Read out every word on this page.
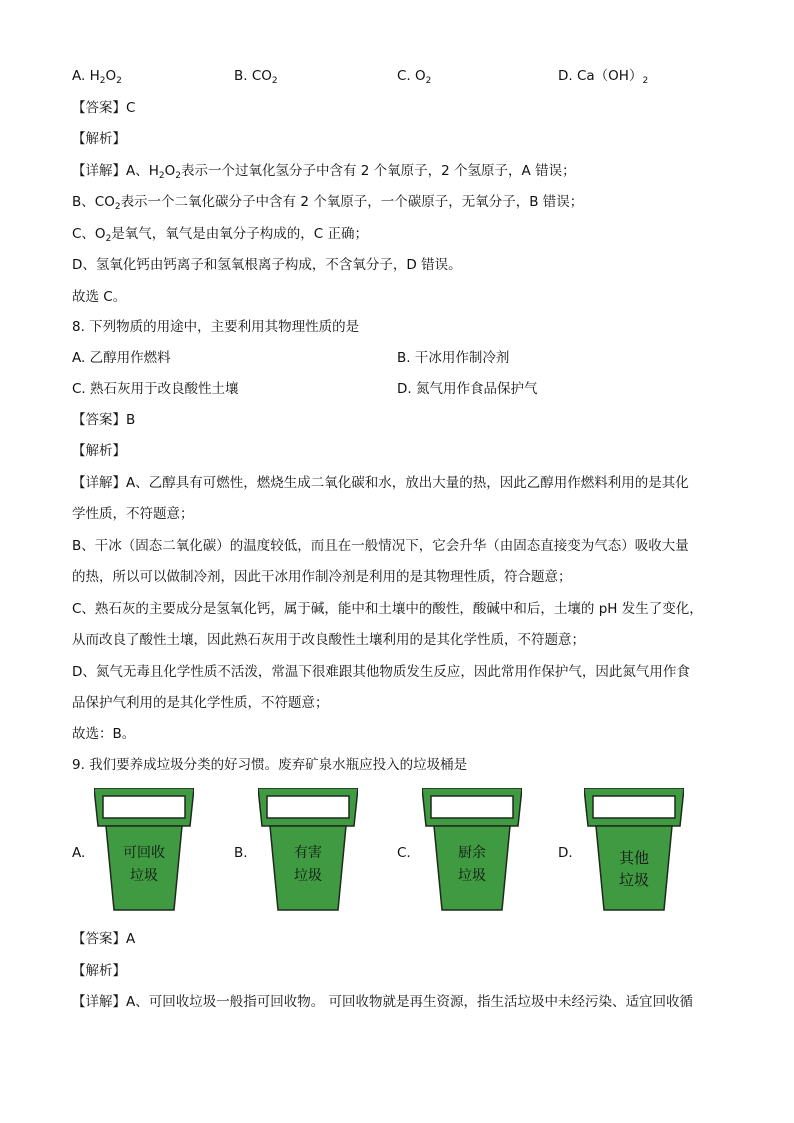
A. $H_2O_2$	B. $CO_2$	C. $O_2$	D. $Ca(OH)_2$
【答案】C
【解析】
【详解】A、$H_2O_2$表示一个过氧化氢分子中含有 2 个氧原子，2 个氢原子，A 错误；
B、$CO_2$表示一个二氧化碳分子中含有 2 个氧原子，一个碳原子，无氧分子，B 错误；
C、$O_2$是氧气，氧气是由氧分子构成的，C 正确；
D、氢氧化钙由钙离子和氢氧根离子构成，不含氧分子，D 错误。
故选 C。
8. 下列物质的用途中，主要利用其物理性质的是
A. 乙醇用作燃料	B. 干冰用作制冷剂
C. 熟石灰用于改良酸性土壤	D. 氮气用作食品保护气
【答案】B
【解析】
【详解】A、乙醇具有可燃性，燃烧生成二氧化碳和水，放出大量的热，因此乙醇用作燃料利用的是其化
学性质，不符题意；
B、干冰（固态二氧化碳）的温度较低，而且在一般情况下，它会升华（由固态直接变为气态）吸收大量
的热，所以可以做制冷剂，因此干冰用作制冷剂是利用的是其物理性质，符合题意；
C、熟石灰的主要成分是氢氧化钙，属于碱，能中和土壤中的酸性，酸碱中和后，土壤的 pH 发生了变化，
从而改良了酸性土壤，因此熟石灰用于改良酸性土壤利用的是其化学性质，不符题意；
D、氮气无毒且化学性质不活泼，常温下很难跟其他物质发生反应，因此常用作保护气，因此氮气用作食
品保护气利用的是其化学性质，不符题意；
故选：B。
9. 我们要养成垃圾分类的好习惯。废弃矿泉水瓶应投入的垃圾桶是
A.	可回收
垃圾
B.	有害
垃圾
C.	厨余
垃圾
D.	其他
垃圾
【答案】A
【解析】
【详解】A、可回收垃圾一般指可回收物。 可回收物就是再生资源，指生活垃圾中未经污染、适宜回收循
